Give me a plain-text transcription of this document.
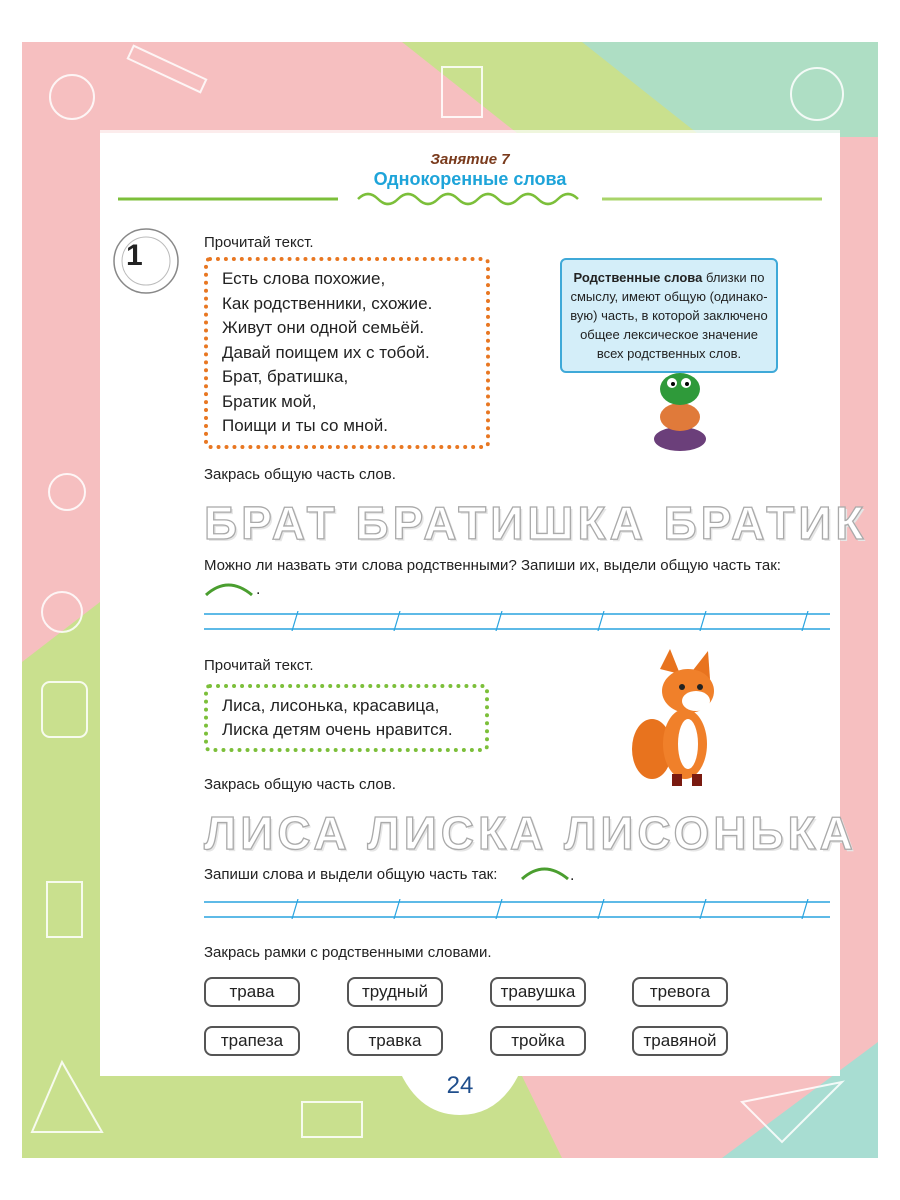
Занятие 7
Однокоренные слова
1	Прочитай текст.
Есть слова похожие,
Как родственники, схожие.
Живут они одной семьёй.
Давай поищем их с тобой.
Брат, братишка,
Братик мой,
Поищи и ты со мной.
Родственные слова близки по смыслу, имеют общую (одинако-вую) часть, в которой заключено общее лексическое значение всех родственных слов.
Закрась общую часть слов.
БРАТ БРАТИШКА БРАТИК
Можно ли назвать эти слова родственными? Запиши их, выдели общую часть так:
.
Прочитай текст.
Лиса, лисонька, красавица,
Лиска детям очень нравится.
Закрась общую часть слов.
ЛИСА ЛИСКА ЛИСОНЬКА
Запиши слова и выдели общую часть так:	.
Закрась рамки с родственными словами.
трава	трудный	травушка	тревога
трапеза	травка	тройка	травяной
24
